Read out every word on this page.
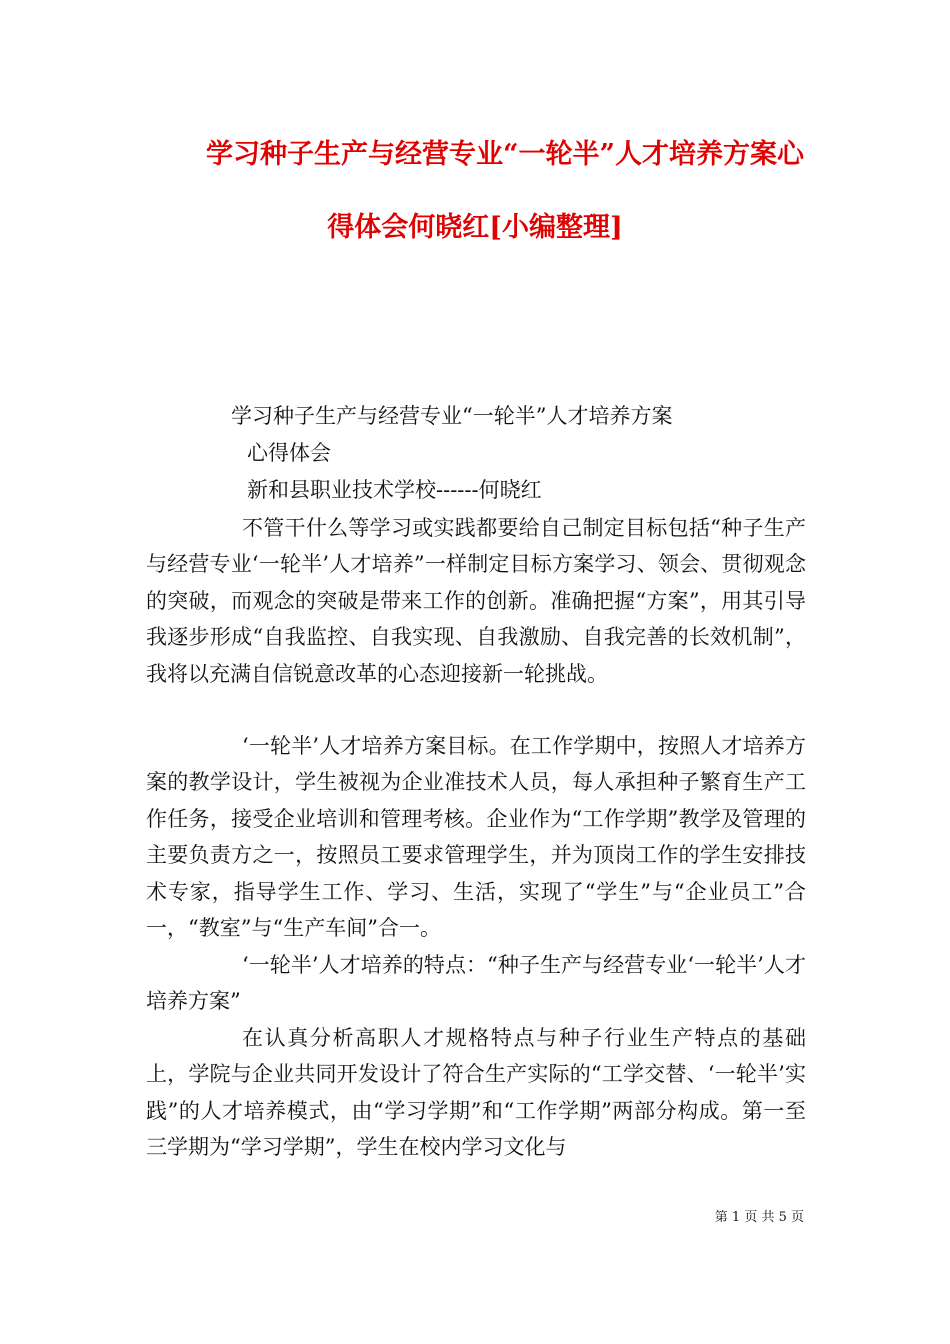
学习种子生产与经营专业“一轮半”人才培养方案心
得体会何晓红[小编整理]
学习种子生产与经营专业“一轮半”人才培养方案
心得体会
新和县职业技术学校------何晓红

不管干什么等学习或实践都要给自己制定目标包括“种子生产与经营专业‘一轮半’人才培养”一样制定目标方案学习、领会、贯彻观念的突破，而观念的突破是带来工作的创新。准确把握“方案”，用其引导我逐步形成“自我监控、自我实现、自我激励、自我完善的长效机制”，我将以充满自信锐意改革的心态迎接新一轮挑战。

‘一轮半’人才培养方案目标。在工作学期中，按照人才培养方案的教学设计，学生被视为企业准技术人员，每人承担种子繁育生产工作任务，接受企业培训和管理考核。企业作为“工作学期”教学及管理的主要负责方之一，按照员工要求管理学生，并为顶岗工作的学生安排技术专家，指导学生工作、学习、生活，实现了“学生”与“企业员工”合一，“教室”与“生产车间”合一。

‘一轮半’人才培养的特点：“种子生产与经营专业‘一轮半’人才培养方案”

在认真分析高职人才规格特点与种子行业生产特点的基础上，学院与企业共同开发设计了符合生产实际的“工学交替、‘一轮半’实践”的人才培养模式，由“学习学期”和“工作学期”两部分构成。第一至三学期为“学习学期”，学生在校内学习文化与

第 1 页 共 5 页
